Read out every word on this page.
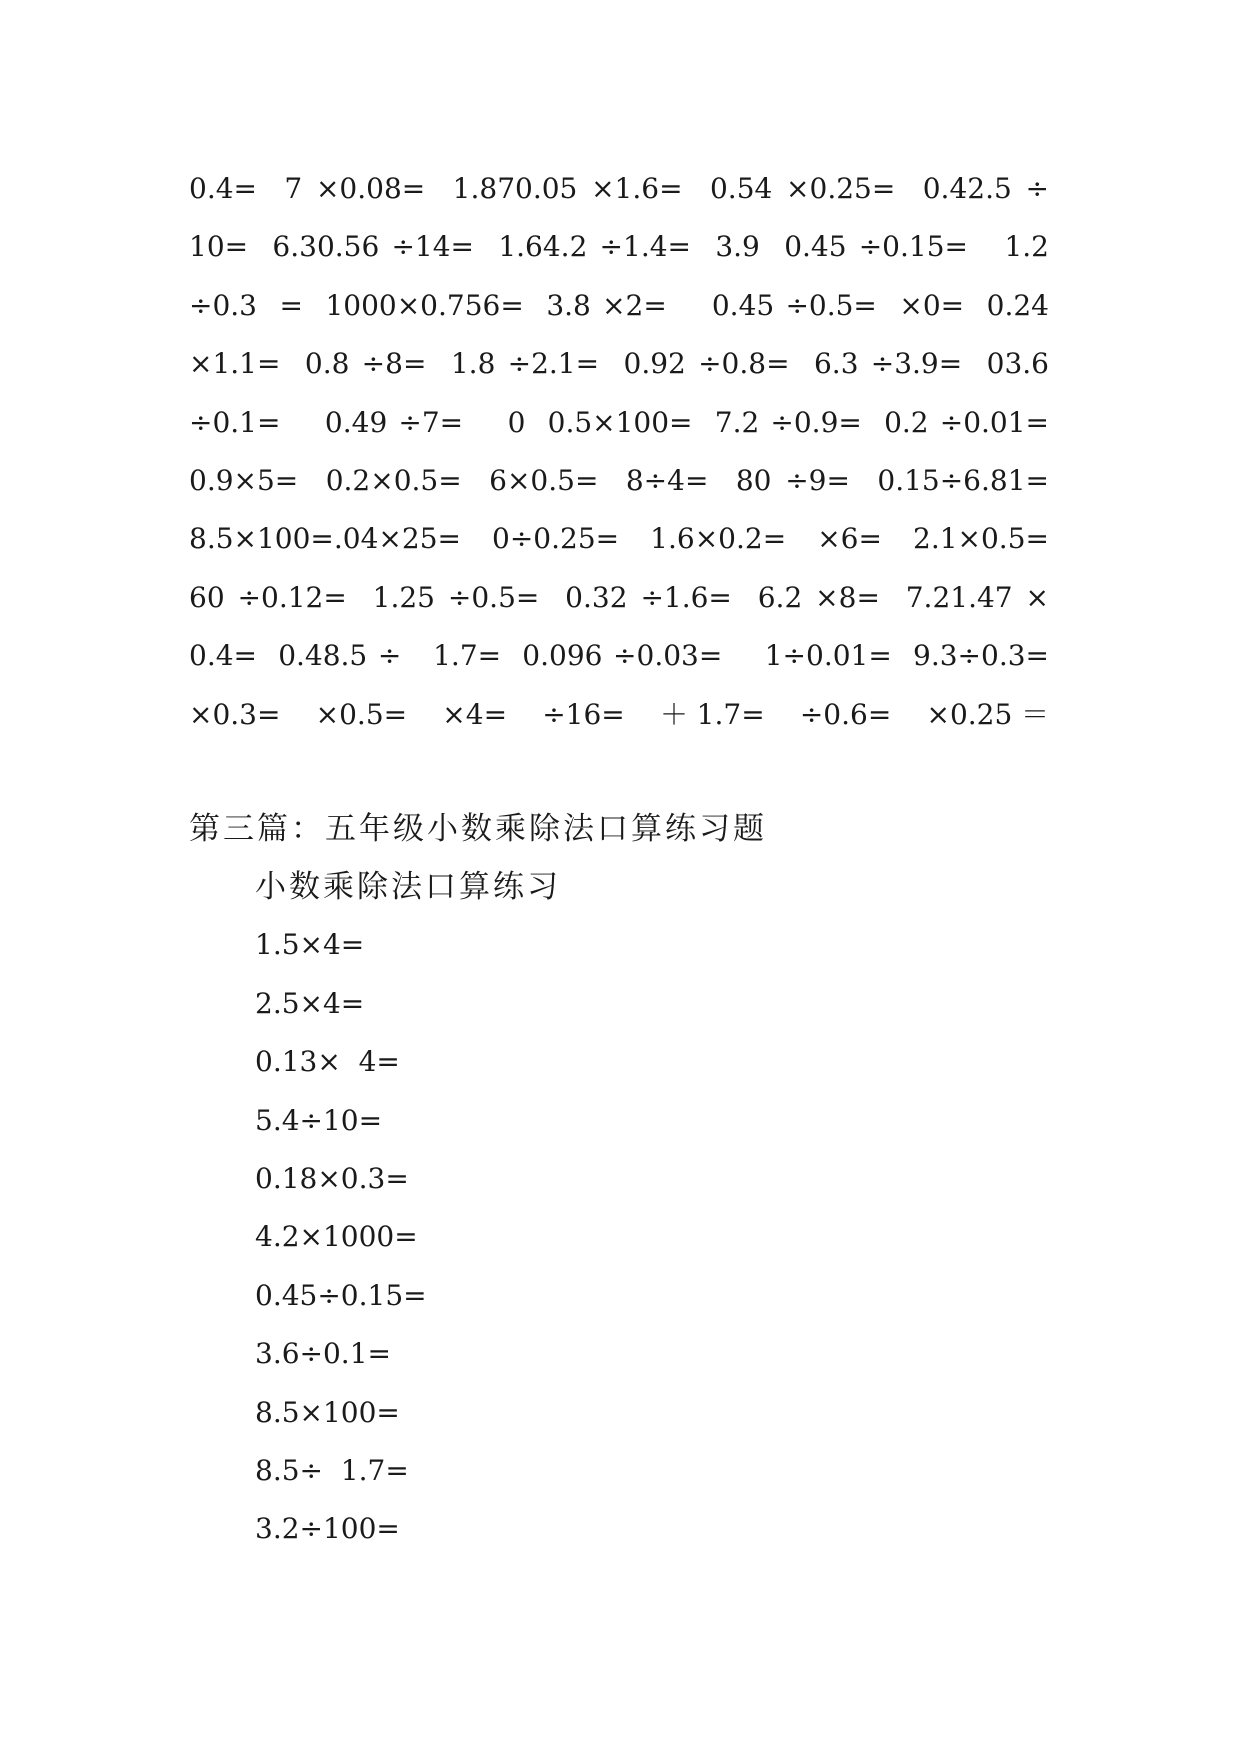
0.4=  7 ×0.08=  1.870.05 ×1.6=  0.54 ×0.25=  0.42.5 ÷
10=  6.30.56 ÷14=  1.64.2 ÷1.4=  3.9  0.45 ÷0.15=   1.2
÷0.3  =  1000×0.756=  3.8 ×2=    0.45 ÷0.5=  ×0=  0.24
×1.1=  0.8 ÷8=  1.8 ÷2.1=  0.92 ÷0.8=  6.3 ÷3.9=  03.6
÷0.1=    0.49 ÷7=    0  0.5×100=  7.2 ÷0.9=  0.2 ÷0.01=
0.9×5=  0.2×0.5=  6×0.5=  8÷4=  80 ÷9=  0.15÷6.81=
8.5×100=.04×25=  0÷0.25=  1.6×0.2=  ×6=  2.1×0.5=
60 ÷0.12=  1.25 ÷0.5=  0.32 ÷1.6=  6.2 ×8=  7.21.47 ×
0.4=  0.48.5 ÷   1.7=  0.096 ÷0.03=    1÷0.01=  9.3÷0.3=
×0.3=  ×0.5=  ×4=  ÷16=  ＋1.7=  ÷0.6=  ×0.25＝
第三篇：五年级小数乘除法口算练习题
小数乘除法口算练习
1.5×4=
2.5×4=
0.13×  4=
5.4÷10=
0.18×0.3=
4.2×1000=
0.45÷0.15=
3.6÷0.1=
8.5×100=
8.5÷  1.7=
3.2÷100=
